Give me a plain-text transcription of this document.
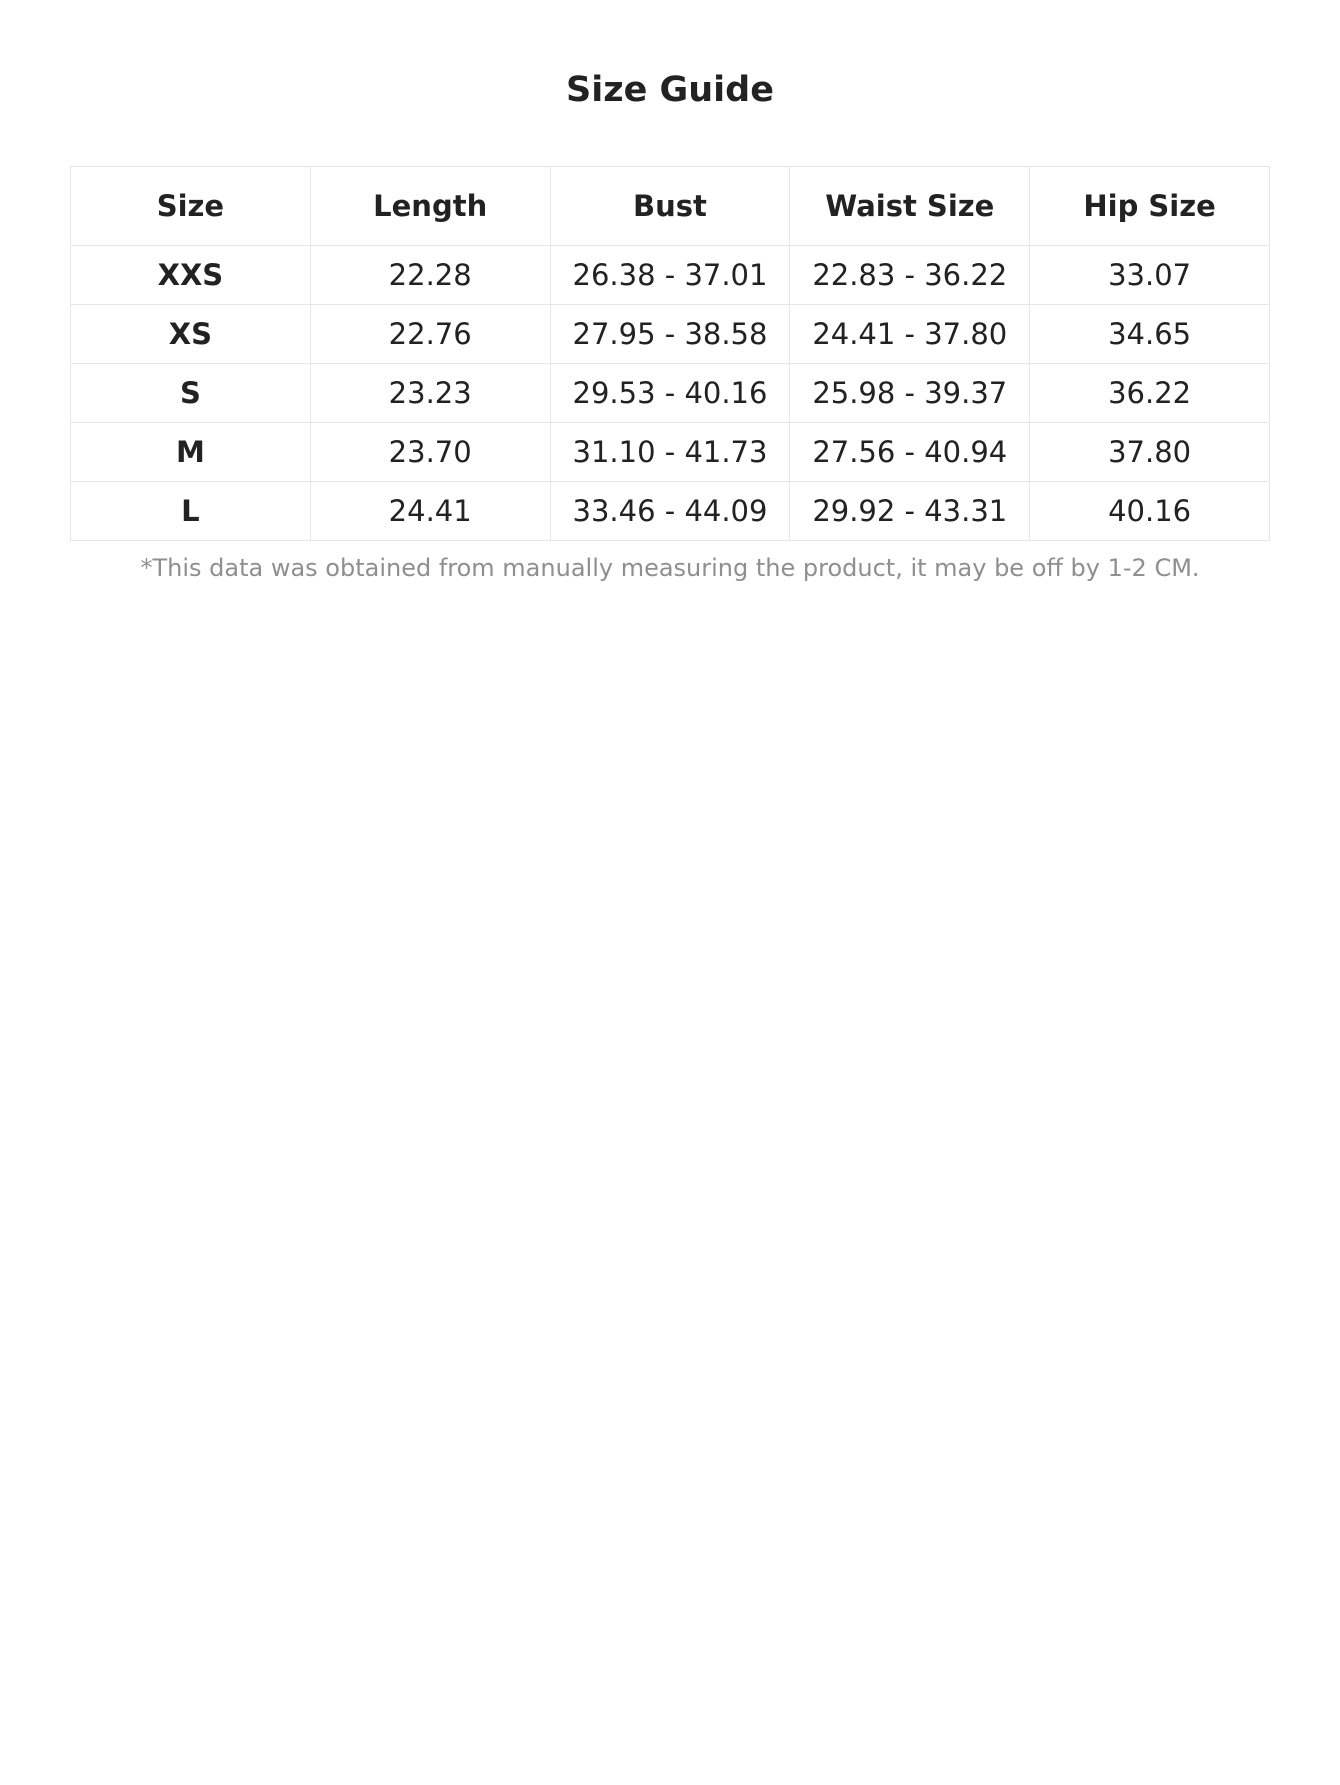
Size Guide
Size	Length	Bust	Waist Size	Hip Size
XXS	22.28	26.38 - 37.01	22.83 - 36.22	33.07
XS	22.76	27.95 - 38.58	24.41 - 37.80	34.65
S	23.23	29.53 - 40.16	25.98 - 39.37	36.22
M	23.70	31.10 - 41.73	27.56 - 40.94	37.80
L	24.41	33.46 - 44.09	29.92 - 43.31	40.16
*This data was obtained from manually measuring the product, it may be off by 1-2 CM.
